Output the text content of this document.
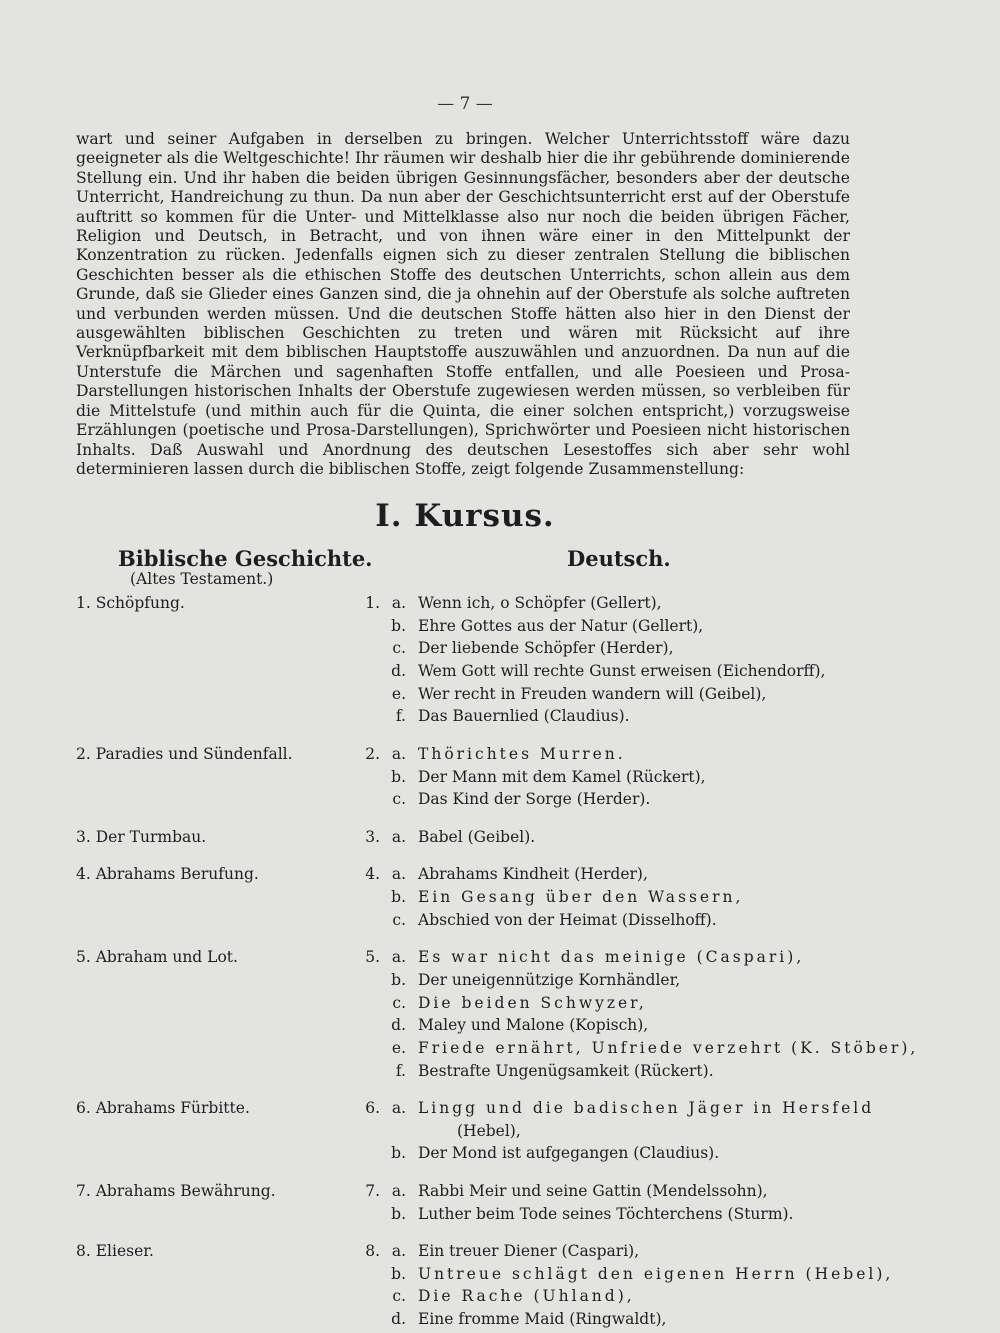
— 7 —

wart und seiner Aufgaben in derselben zu bringen. Welcher Unterrichtsstoff wäre dazu geeigneter als die Weltgeschichte! Ihr räumen wir deshalb hier die ihr gebührende dominierende Stellung ein. Und ihr haben die beiden übrigen Gesinnungsfächer, besonders aber der deutsche Unterricht, Handreichung zu thun. Da nun aber der Geschichtsunterricht erst auf der Oberstufe auftritt so kommen für die Unter- und Mittelklasse also nur noch die beiden übrigen Fächer, Religion und Deutsch, in Betracht, und von ihnen wäre einer in den Mittelpunkt der Konzentration zu rücken. Jedenfalls eignen sich zu dieser zentralen Stellung die biblischen Geschichten besser als die ethischen Stoffe des deutschen Unterrichts, schon allein aus dem Grunde, daß sie Glieder eines Ganzen sind, die ja ohnehin auf der Oberstufe als solche auftreten und verbunden werden müssen. Und die deutschen Stoffe hätten also hier in den Dienst der ausgewählten biblischen Geschichten zu treten und wären mit Rücksicht auf ihre Verknüpfbarkeit mit dem biblischen Hauptstoffe auszuwählen und anzuordnen. Da nun auf die Unterstufe die Märchen und sagenhaften Stoffe entfallen, und alle Poesieen und Prosa-Darstellungen historischen Inhalts der Oberstufe zugewiesen werden müssen, so verbleiben für die Mittelstufe (und mithin auch für die Quinta, die einer solchen entspricht,) vorzugsweise Erzählungen (poetische und Prosa-Darstellungen), Sprichwörter und Poesieen nicht historischen Inhalts. Daß Auswahl und Anordnung des deutschen Lesestoffes sich aber sehr wohl determinieren lassen durch die biblischen Stoffe, zeigt folgende Zusammenstellung:

I. Kursus.
Biblische Geschichte.
(Altes Testament.)
Deutsch.
1. Schöpfung.	1. a. Wenn ich, o Schöpfer (Gellert),
b. Ehre Gottes aus der Natur (Gellert),
c. Der liebende Schöpfer (Herder),
d. Wem Gott will rechte Gunst erweisen (Eichendorff),
e. Wer recht in Freuden wandern will (Geibel),
f. Das Bauernlied (Claudius).
2. Paradies und Sündenfall.	2. a. Thörichtes Murren.
b. Der Mann mit dem Kamel (Rückert),
c. Das Kind der Sorge (Herder).
3. Der Turmbau.	3. a. Babel (Geibel).
4. Abrahams Berufung.	4. a. Abrahams Kindheit (Herder),
b. Ein Gesang über den Wassern,
c. Abschied von der Heimat (Disselhoff).
5. Abraham und Lot.	5. a. Es war nicht das meinige (Caspari),
b. Der uneigennützige Kornhändler,
c. Die beiden Schwyzer,
d. Maley und Malone (Kopisch),
e. Friede ernährt, Unfriede verzehrt (K. Stöber),
f. Bestrafte Ungenügsamkeit (Rückert).
6. Abrahams Fürbitte.	6. a. Lingg und die badischen Jäger in Hersfeld
(Hebel),
b. Der Mond ist aufgegangen (Claudius).
7. Abrahams Bewährung.	7. a. Rabbi Meir und seine Gattin (Mendelssohn),
b. Luther beim Tode seines Töchterchens (Sturm).
8. Elieser.	8. a. Ein treuer Diener (Caspari),
b. Untreue schlägt den eigenen Herrn (Hebel),
c. Die Rache (Uhland),
d. Eine fromme Maid (Ringwaldt),
